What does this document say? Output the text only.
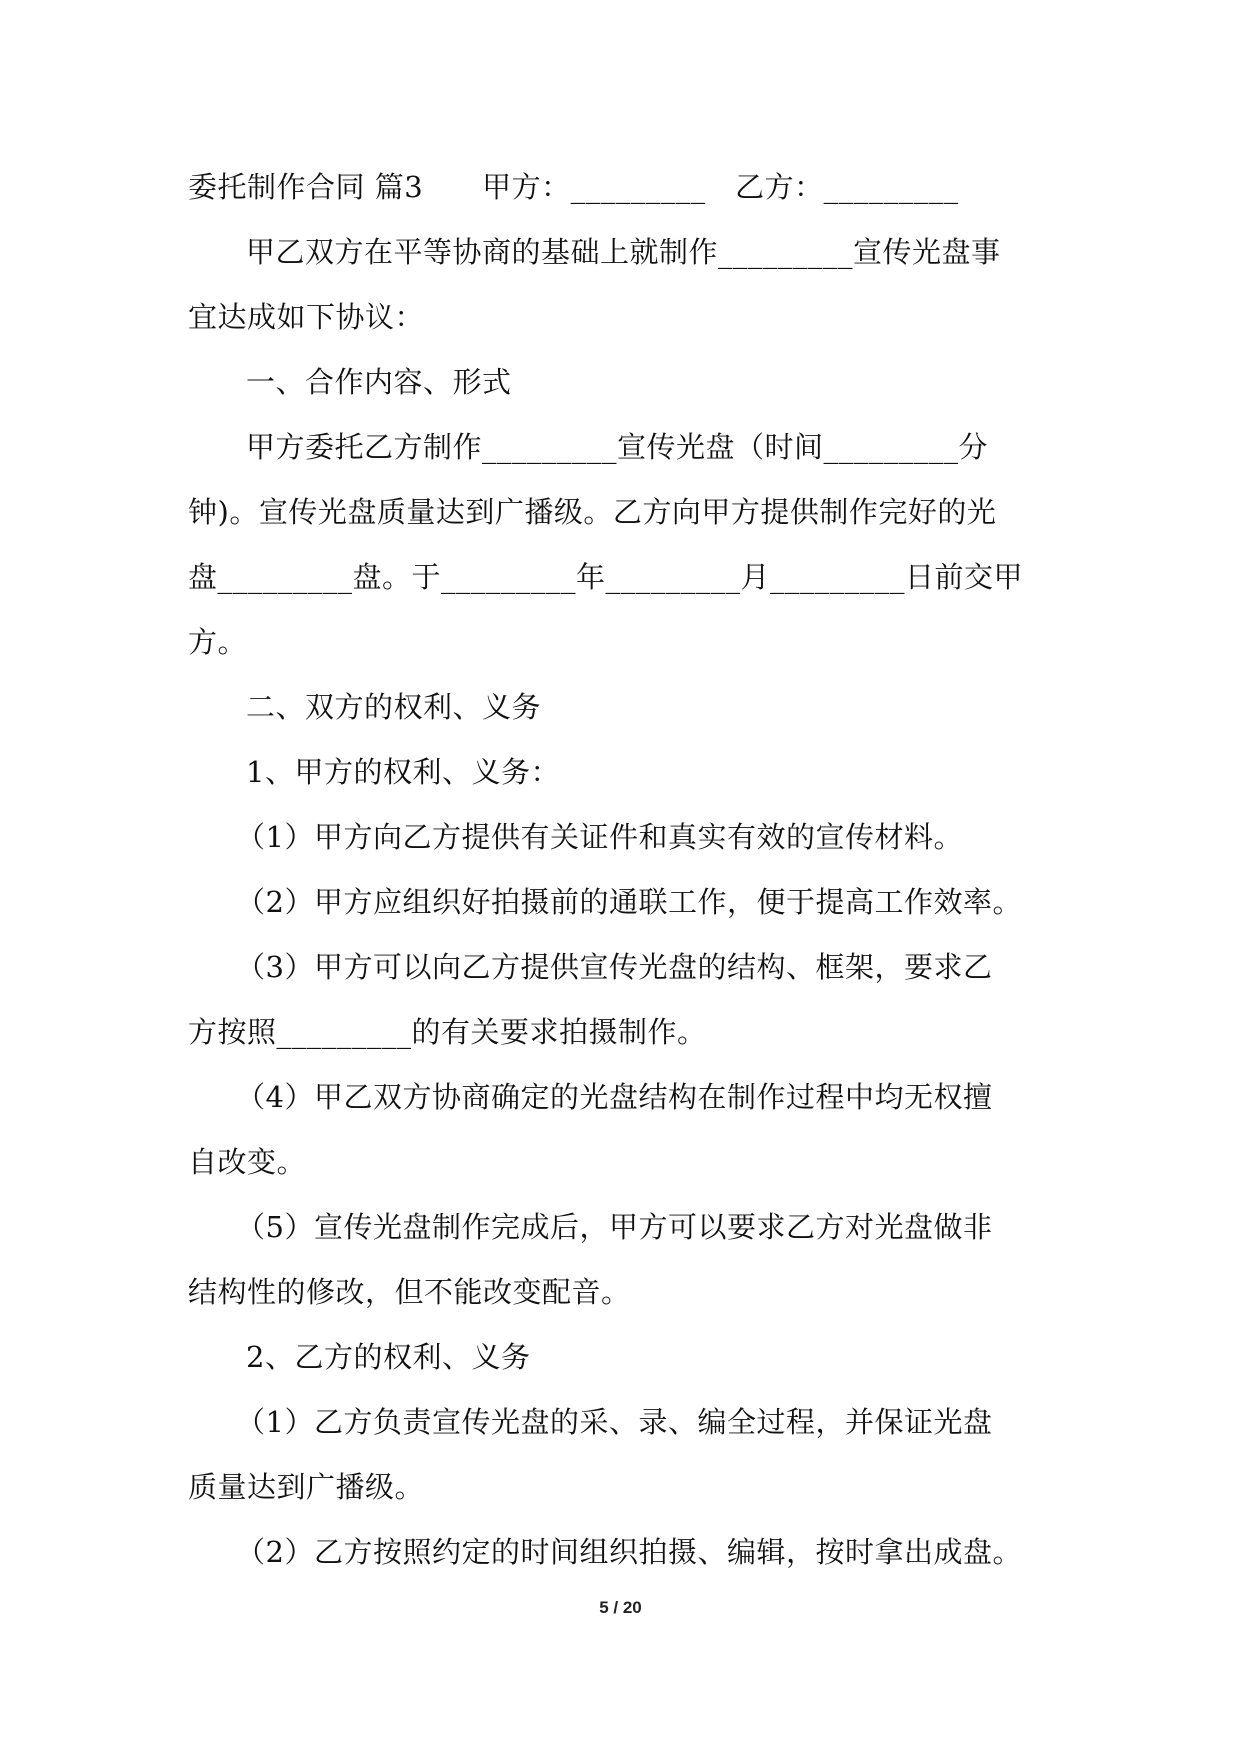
委托制作合同 篇3　　甲方：_________　乙方：_________
甲乙双方在平等协商的基础上就制作_________宣传光盘事
宜达成如下协议：
一、合作内容、形式
甲方委托乙方制作_________宣传光盘（时间_________分
钟)。宣传光盘质量达到广播级。乙方向甲方提供制作完好的光
盘_________盘。于_________年_________月_________日前交甲
方。
二、双方的权利、义务
1、甲方的权利、义务：
（1）甲方向乙方提供有关证件和真实有效的宣传材料。
（2）甲方应组织好拍摄前的通联工作，便于提高工作效率。
（3）甲方可以向乙方提供宣传光盘的结构、框架，要求乙
方按照_________的有关要求拍摄制作。
（4）甲乙双方协商确定的光盘结构在制作过程中均无权擅
自改变。
（5）宣传光盘制作完成后，甲方可以要求乙方对光盘做非
结构性的修改，但不能改变配音。
2、乙方的权利、义务
（1）乙方负责宣传光盘的采、录、编全过程，并保证光盘
质量达到广播级。
（2）乙方按照约定的时间组织拍摄、编辑，按时拿出成盘。
5 / 20
